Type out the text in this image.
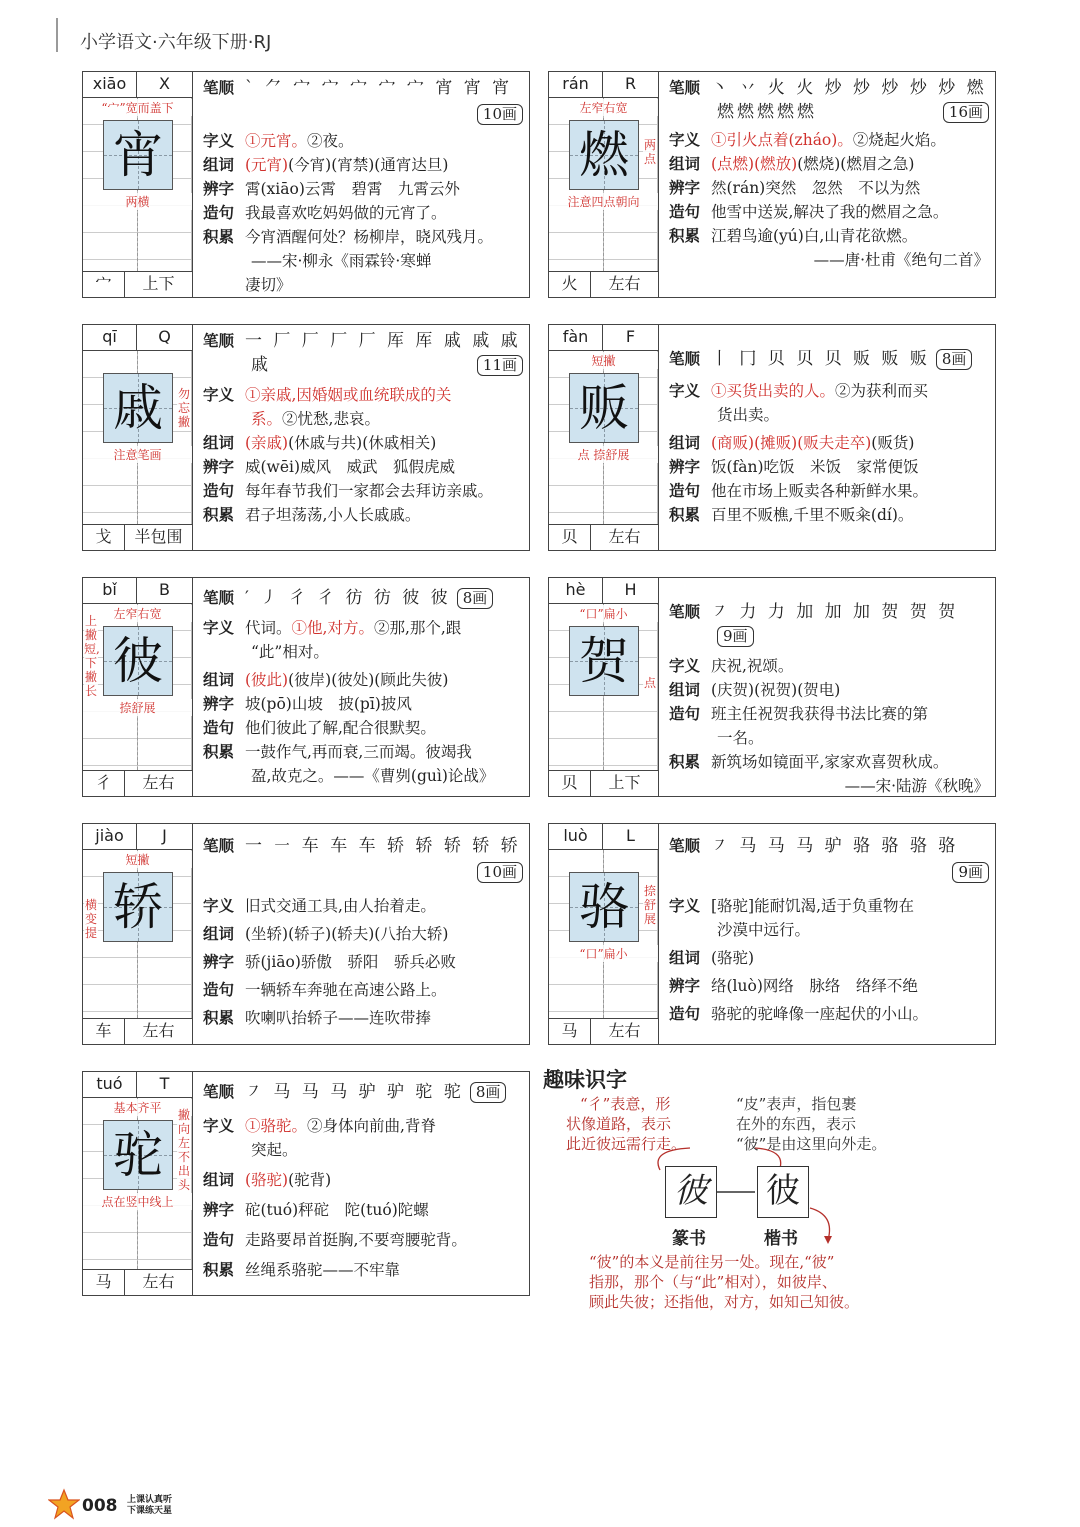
小学语文·六年级下册·RJ
xiāo	X
“宀”宽而盖下
宵
两横
宀	上下
笔顺 ` ⺈ 宀 宀 宀 宀 宀 宵 宵 宵
10画
字义 ①元宵。②夜。
组词 (元宵)(今宵)(宵禁)(通宵达旦)
辨字 霄(xiāo)云霄　碧霄　九霄云外
造句 我最喜欢吃妈妈做的元宵了。
积累 今宵酒醒何处？杨柳岸，晓风残月。
——宋·柳永《雨霖铃·寒蝉
凄切》
rán	R
左窄右宽
燃	两点
注意四点朝向
火	左右
笔顺 丶 丷 火 火 炒 炒 炒 炒 炒 燃
燃燃燃燃燃	16画
字义 ①引火点着(zháo)。②烧起火焰。
组词 (点燃)(燃放)(燃烧)(燃眉之急)
辨字 然(rán)突然　忽然　不以为然
造句 他雪中送炭,解决了我的燃眉之急。
积累 江碧鸟逾(yú)白,山青花欲燃。
——唐·杜甫《绝句二首》
qī	Q
戚	勿忘撇
注意笔画
戈	半包围
笔顺 一 厂 厂 厂 厂 厍 厍 戚 戚 戚
戚	11画
字义 ①亲戚,因婚姻或血统联成的关
系。②忧愁,悲哀。
组词 (亲戚)(休戚与共)(休戚相关)
辨字 威(wēi)威风　威武　狐假虎威
造句 每年春节我们一家都会去拜访亲戚。
积累 君子坦荡荡,小人长戚戚。
fàn	F
短撇
贩
点 捺舒展
贝	左右
笔顺 丨 冂 贝 贝 贝 贩 贩 贩 8画
字义 ①买货出卖的人。②为获利而买
货出卖。
组词 (商贩)(摊贩)(贩夫走卒)(贩货)
辨字 饭(fàn)吃饭　米饭　家常便饭
造句 他在市场上贩卖各种新鲜水果。
积累 百里不贩樵,千里不贩籴(dí)。
bǐ	B
左窄右宽
彼
上撇短,下撇长
捺舒展
彳	左右
笔顺 ′ ㇓ 彳 彳 彷 彷 彼 彼 8画
字义 代词。①他,对方。②那,那个,跟
“此”相对。
组词 (彼此)(彼岸)(彼处)(顾此失彼)
辨字 坡(pō)山坡　披(pī)披风
造句 他们彼此了解,配合很默契。
积累 一鼓作气,再而衰,三而竭。彼竭我
盈,故克之。——《曹刿(guì)论战》
hè	H
“口”扁小
贺	点
贝	上下
笔顺 ㇇ 力 力 加 加 加 贺 贺 贺9画
字义 庆祝,祝颂。
组词 (庆贺)(祝贺)(贺电)
造句 班主任祝贺我获得书法比赛的第
一名。
积累 新筑场如镜面平,家家欢喜贺秋成。
——宋·陆游《秋晚》
jiào	J
短撇
轿
横变提
车	左右
笔顺 一 ㇐ 车 车 车 轿 轿 轿 轿 轿
10画
字义 旧式交通工具,由人抬着走。
组词 (坐轿)(轿子)(轿夫)(八抬大轿)
辨字 骄(jiāo)骄傲　骄阳　骄兵必败
造句 一辆轿车奔驰在高速公路上。
积累 吹喇叭抬轿子——连吹带捧
luò	L
骆	捺舒展
“口”扁小
马	左右
笔顺 ㇇ 马 马 马 驴 骆 骆 骆 骆
9画
字义 [骆驼]能耐饥渴,适于负重物在
沙漠中远行。
组词 (骆驼)
辨字 络(luò)网络　脉络　络绎不绝
造句 骆驼的驼峰像一座起伏的小山。
tuó	T
基本齐平
驼
撇向左不出头
点在竖中线上
马	左右
笔顺 ㇇ 马 马 马 驴 驴 驼 驼 8画
字义 ①骆驼。②身体向前曲,背脊
突起。
组词 (骆驼)(驼背)
辨字 砣(tuó)秤砣　陀(tuó)陀螺
造句 走路要昂首挺胸,不要弯腰驼背。
积累 丝绳系骆驼——不牢靠
趣味识字
“彳”表意，形
状像道路，表示
此近彼远需行走。
“皮”表声，指包裹
在外的东西，表示
“彼”是由这里向外走。
彼 彼
篆书	楷书
“彼”的本义是前往另一处。现在,“彼”
指那，那个（与“此”相对），如彼岸、
顾此失彼；还指他，对方，如知己知彼。
008 上课认真听
下课练天星
